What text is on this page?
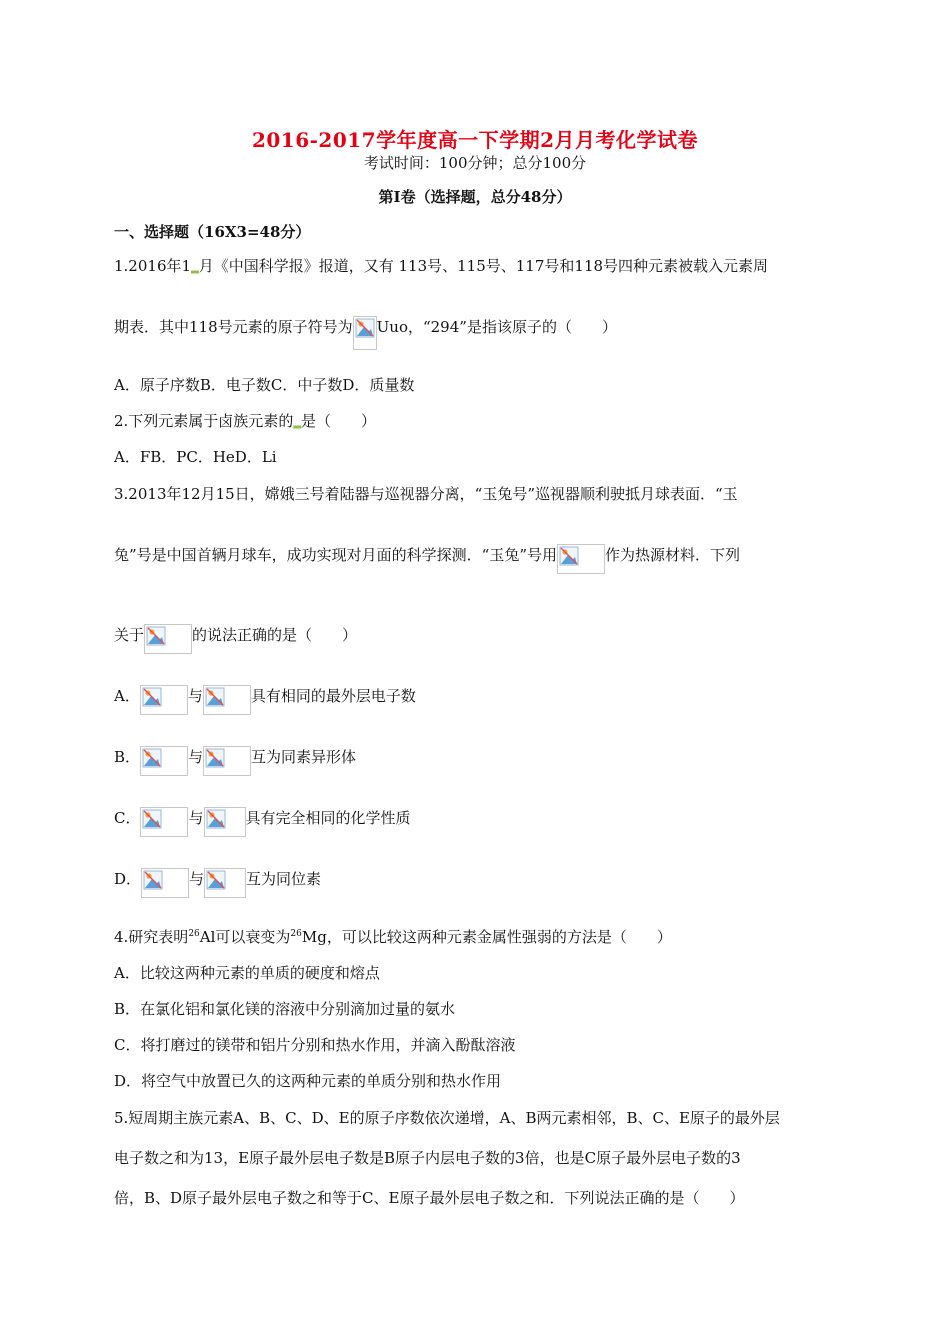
2016-2017学年度高一下学期2月月考化学试卷
考试时间：100分钟；总分100分
第Ⅰ卷（选择题，总分48分）
一、选择题（16X3=48分）
1.2016年1▂月《中国科学报》报道，又有 113号、115号、117号和118号四种元素被载入元素周
期表．其中118号元素的原子符号为 Uuo，“294”是指该原子的（　　）
A．原子序数B．电子数C．中子数D．质量数
2.下列元素属于卤族元素的▂是（　　）
A．FB．PC．HeD．Li
3.2013年12月15日，嫦娥三号着陆器与巡视器分离，“玉兔号”巡视器顺利驶抵月球表面．“玉
兔”号是中国首辆月球车，成功实现对月面的科学探测．“玉兔”号用	作为热源材料．下列
关于	的说法正确的是（　　）
A．	与	具有相同的最外层电子数
B．	与	互为同素异形体
C．	与	具有完全相同的化学性质
D．	与	互为同位素
4.研究表明$^{26}$Al可以衰变为$^{26}$Mg，可以比较这两种元素金属性强弱的方法是（　　）
A．比较这两种元素的单质的硬度和熔点
B．在氯化铝和氯化镁的溶液中分别滴加过量的氨水
C．将打磨过的镁带和铝片分别和热水作用，并滴入酚酞溶液
D．将空气中放置已久的这两种元素的单质分别和热水作用
5.短周期主族元素A、B、C、D、E的原子序数依次递增，A、B两元素相邻，B、C、E原子的最外层
电子数之和为13，E原子最外层电子数是B原子内层电子数的3倍，也是C原子最外层电子数的3
倍，B、D原子最外层电子数之和等于C、E原子最外层电子数之和．下列说法正确的是（　　）
